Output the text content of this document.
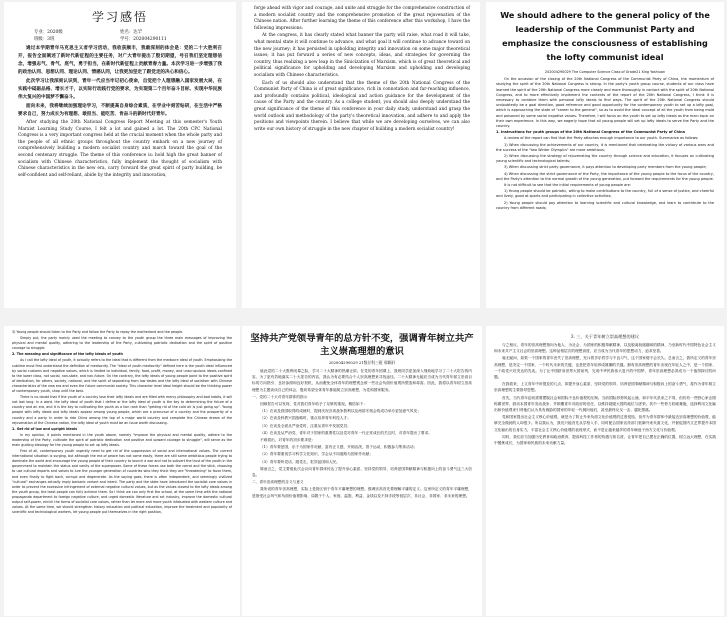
学习感悟
专业：2020级	姓名：达罕
班级：3班	学号：202004290111

通过本学期青年马克思主义者学习活动，我收获颇丰，我最深刻的体会是：党的二十大胜利召开，报告全面阐述了新时代新征程的主要任务，对广大青年提出了殷切期望，号召我们坚定理想信念，增强志气、骨气、底气，勇于担当，在新时代新征程上贡献青春力量。本次学习进一步增强了我的政治认同、思想认同、理论认同、情感认同，让我更加坚定了跟党走的决心和信心。

此次学习让我深刻认识到，青年一代应当牢记初心使命，自觉把个人理想融入国家发展大局，在实践中砥砺品格、增长才干，以实际行动践行党的要求，为实现第二个百年奋斗目标、实现中华民族伟大复兴的中国梦不懈奋斗。

面向未来，我将继续加强理论学习，不断提高自身综合素质，在学业中刻苦钻研，在生活中严格要求自己，努力成长为有理想、敢担当、能吃苦、肯奋斗的新时代好青年。

After studying the 20th National Congress Report Meeting at this semester's Youth Marxist Learning Study Course, I felt a lot and gained a lot. The 20th CPC National Congress is a very important congress held at the crucial moment when the whole party and the people of all ethnic groups throughout the country embark on a new journey of comprehensively building a modern socialist country and march toward the goal of the second centenary struggle. The theme of this conference is: hold high the great banner of socialism with Chinese characteristics, fully implement the thought of socialism with Chinese characteristics in the new era, carry forward the great spirit of party building, be self-confident and self-reliant, abide by the integrity and innovation,

forge ahead with vigor and courage, and unite and struggle for the comprehensive construction of a modern socialist country and the comprehensive promotion of the great rejuvenation of the Chinese nation. After further learning the theme of this conference after this workshop, I have the following impressions:

At the congress, it has clearly stated what banner the party will raise, what road it will take, what mental state it will continue to advance, and what goal it will continue to advance toward on the new journey; it has persisted in upholding integrity and innovation on some major theoretical issues; it has put forward a series of new concepts, ideas, and strategies for governing the country, thus realizing a new leap in the Sinicization of Marxism, which is of great theoretical and political significance for upholding and developing Marxism and upholding and developing socialism with Chinese characteristics.

Each of us should also understand that the theme of the 20th National Congress of the Communist Party of China is of great significance, rich in connotation and far-reaching influence, and profoundly contains political, ideological and action guidance for the development of the cause of the Party and the country. As a college student, you should also deeply understand the great significance of the theme of this conference in your daily study, understand and grasp the world outlook and methodology of the party's theoretical innovation, and adhere to and apply the positions and viewpoints therein. I believe that while we are developing ourselves, we can also write our own history of struggle in the new chapter of building a modern socialist country!

We should adhere to the general policy of the leadership of the Communist Party and emphasize the consciousness of establishing the lofty communist ideal
202004290029 The Computer Science Class of Grade21 Xing Yoshiuan

On the occasion of the closing of the 20th National Congress of the Communist Party of China, the momentum of studying the spirit of the 20th National Congress is strong. In the party's youth group course, students of our class have learned the spirit of the 20th National Congress more closely and more thoroughly in contact with the spirit of 20th National Congress, and to more effectively implement the contents of the report of the 20th National Congress, I think it is necessary to combine them with personal lofty ideals to find ways. The spirit of the 20th National Congress should undoubtedly be a goal direction, good reference and good opportunity for the contemporary youth to set up a lofty goal, which is approaching the state of "career to the general", so as to avoid the ideal concept of all the youth from being mold and poisoned by some social negative values. Therefore, I will focus on the youth to set up lofty ideals as the main topic on their own experience. In this way, we eagerly hope that all young people will set up lofty ideals to serve the Party and the country.

1. Instructions for youth groups of the 20th National Congress of the Communist Party of China

A review of the report can find that the Party attaches enough importance to our youth. Summarize as follows:

1) When discussing the achievements of our country, it is mentioned that celebrating the victory of various wars and the success of the "two Winter Olympics" are more ambitious;

2) When discussing the strategy of rejuvenating the country through science and education, it focuses on cultivating young scientific and technological talents;

3) When discussing strict party governance, it pays attention to developing party members from the young people;

4) When discussing the strict governance of the Party, the importance of the young people to the focus of the country, and the Party's attention to the normal growth of the young generation, put forward the requirements for the young people.

It is not difficult to see that the initial requirements of young people are:

1) Young people should be patriotic, willing to make contributions to the country, full of a sense of justice, and cheerful and lively, good at sports and participating in collective activities;

2) Young people should pay attention to learning scientific and cultural knowledge, and learn to contribute to the country from different roads;

3) Young people should listen to the Party and follow the Party to repay the motherland and the people.

Simply put, the party mainly used the meeting to convey to the youth group the three main messages of improving the physical and mental quality, adhering to the leadership of the Party, cultivating patriotic dedication and the spirit of positive courage to struggle.

2. The meaning and significance of the lofty ideals of youth

As I call the lofty ideal of youth, it actually refers to the ideal that is different from the mediocre ideal of youth. Emphasizing the sublime must first understand the definition of mediocrity. The "ideal of youth mediocrity" defined here is the youth ideal influenced by social customs and negative values, which is limited to individual, family, food, profit, money, and unscrupulous ideals confined to the lower class, not social, non-state, and non-future. On the contrary, the lofty ideals of young people point to the positive spirit of dedication, for others, society, national, and the spirit of separating from low tastes and the lofty ideal of socialism with Chinese characteristics of the new era and even the future communist society. This character level ideal height should be the thinking power of contemporary youth, shop until the best.

There is no doubt that if the youth of a country lose their lofty ideals and are filled with mercy philosophy and bad habits, it will not last long. In a word, the lofty ideal of youth that I define or the lofty ideal of youth is the key to determining the future of a country and an era, and it is the key to cultivating the youth as a lion rank than "getting rid of the cold air is just going up". Young people with lofty ideals and lofty ideals appear among young people, which are a precursor of a country and the prosperity of a country and a party. In order to ride China among the top of a major world country and complete the Chinese dream of the rejuvenation of the Chinese nation, the lofty ideal of youth must be an issue worth discussing.

1. Get rid of low and upright ideals

In my opinion, it points mentioned in the youth above, namely "improve the physical and mental quality, adhere to the leadership of the Party, cultivate the spirit of patriotic dedication and positive and upward courage to struggle", will serve as the main guiding ideology for the young people to set up lofty ideals.

First of all, contemporary youth urgently need to get rid of the suppression of social and international values. The current international situation is surging, but although the era of peace has not come easily, there are still some ambitious people trying to dominate the world and encourage the young people of their country to launch a war and not to subvert the trust of the youth in the government to maintain the status and vanity of the superpower. Some of these forces use both the carrot and the stick, choosing to use cultural exports and values to lure the younger generation of countries who they think they are "threatening" to favor them, and even finally to fight back, corrupt and degenerate. As the saying goes, there is often independent, and seemingly civilized "cultural" exchanges actually imply barbaric variant and intent. The party and the state have introduced the socialist core values in order to prevent the excessive infringement of external negative cultural values, but as the values closest to the lofty ideals among the youth group, the least people can fully achieve them. So I think we can only first the school, at the same time with the national propaganda department to foreign negative culture, and urged domestic literature and art industry, improve the domestic cultural output self-power, enrich the forms of socialist core values, rather than let more and more youth infatuated with western culture and values. At the same time, we should strengthen history education and political education, improve the treatment and popularity of scientific and technological workers, let young people put themselves in the right position,

坚持共产党领导青年的总方针不变，强调青年树立共产主义崇高理想的意识
202004290029 21级计科三班 邢颖轩

值此党的二十大胜利闭幕之际，学习二十大精神的热潮正浓。在党的青年团课上，我班同学更加深入细致地学习了二十大报告的内容，为了更有效地落实二十大报告的内容，我认为有必要结合个人崇高理想来寻找途径。二十大精神无疑应当成为当代青年树立崇高目标的方向指引、良好参照和良好契机，从而避免全体青年的理想观念被一些社会负面价值观所塑造和毒害。因此，我将以青年树立崇高理想为主题谈谈自己的体会，殷切希望全体青年都能树立崇高理想，为党和国家服务。

一、党的二十大对青年群体的指示

回顾报告可以发现，党对我们青年给予了足够的重视。概括如下：

（1）在谈及我国取得的成就时，提到庆祝各项战争胜利以及两届冬奥会的成功举办更加意气风发；

（2）在谈及科教兴国战略时，重点培养青年科技人才；

（3）在谈及全面从严治党时，注重从青年中发展党员；

（4）在谈及从严治党、青年对于国家的重要性以及党对青年一代正常成长的关注时，对青年提出了要求。

不难看出，对青年的初步要求是：

（1）青年要爱国，乐于为国家作贡献，富有正义感，开朗活泼，善于运动，积极参与集体活动；

（2）青年要重视学习科学文化知识，学会从不同道路为国家作贡献；

（3）青年要听党话、跟党走，报效祖国和人民。

简而言之，党主要借此次会议向青年群体传达了提升身心素质、坚持党的领导、培养爱国奉献精神与积极向上的奋斗勇气这三大信息。

二、青年崇高理想的含义与意义

我所说的青年崇高理想，实际上是指区别于青年平庸理想的理想。强调崇高首先要理解平庸的定义。这里所定义的青年平庸理想，是指受社会风气和负面价值观影响、局限于个人、家庭、温饱、利益、金钱以及不择手段等低层次、非社会、非国家、非未来的理想。

3. 三、关于青年树立崇高理想的建议

与之相反，青年的崇高理想指向为他人、为社会、为国家的积极奉献精神，以及脱离低级趣味的精神，乃至新时代中国特色社会主义和未来共产主义社会的崇高理想。这种品格层次的理想高度，应当成为当代青年的思想动力，追求至善。

毫无疑问，如果一个国家的青年丧失了崇高理想，充斥着享乐哲学与不良习气，这个国家便不会长久。总而言之，我所定义的青年崇高理想，是决定一个国家、一个时代未来的关键，也是把青年培养成雄狮的关键。拥有崇高理想的青年出现在年轻人之中，是一个国家、一个政党兴旺发达的先兆。为了让中国跻身世界大国前列，完成中华民族伟大复兴的中国梦，青年崇高理想必须成为一个值得探讨的问题。

在我看来，上文青年中所提及的几点，即提升身心素质、坚持党的领导、培养爱国奉献精神与积极向上的奋斗勇气，将作为青年树立崇高理想的主要指导思想。

首先，当代青年迫切需要摆脱社会和国际不良价值观的压制。当前国际形势风起云涌，和平年代虽来之不易，但仍有一些野心家企图称霸世界，鼓动本国青年发动战争，并颠覆青年对政府的信任，以维持超级大国的地位与虚荣。其中一些势力软硬兼施，选择利用文化输出和价值观来引诱他们认为具有威胁的国家的年轻一代倒向他们，甚至最终反戈一击、腐化堕落。

党和国家提出社会主义核心价值观，就是为了防止外来负面文化价值观的过度侵蚀，但作为青年群体中最接近崇高理想的价值观，能够完全做到的人却很少。所以我认为，我们只能首先从学校入手，同时配合国家宣传部门抵御外来负面文化，并督促国内文艺界提升本国文化输出的自身实力，丰富社会主义核心价值观的表现形式，而不是让越来越多的青年痴迷于西方文化与价值观。

同时，我们应当加强历史教育和政治教育，提高科技工作者的待遇与知名度，让青年把自己摆在正确的位置，树立远大理想，在实践中锻炼成长，为国家和民族的未来贡献力量。
